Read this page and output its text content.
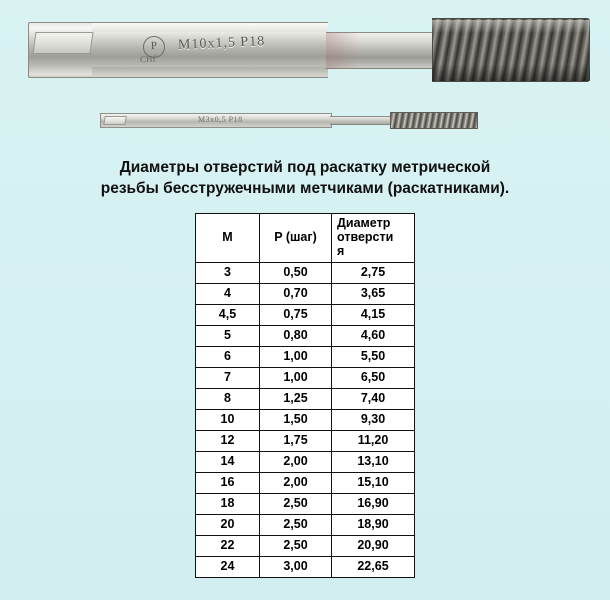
Р
СНГ
M10x1,5 P18
M3x0,5 P18
Диаметры отверстий под раскатку метрической
резьбы бесстружечными метчиками (раскатниками).
M	P (шаг)	Диаметр
отверсти
я

3	0,50	2,75
4	0,70	3,65
4,5	0,75	4,15
5	0,80	4,60
6	1,00	5,50
7	1,00	6,50
8	1,25	7,40
10	1,50	9,30
12	1,75	11,20
14	2,00	13,10
16	2,00	15,10
18	2,50	16,90
20	2,50	18,90
22	2,50	20,90
24	3,00	22,65
